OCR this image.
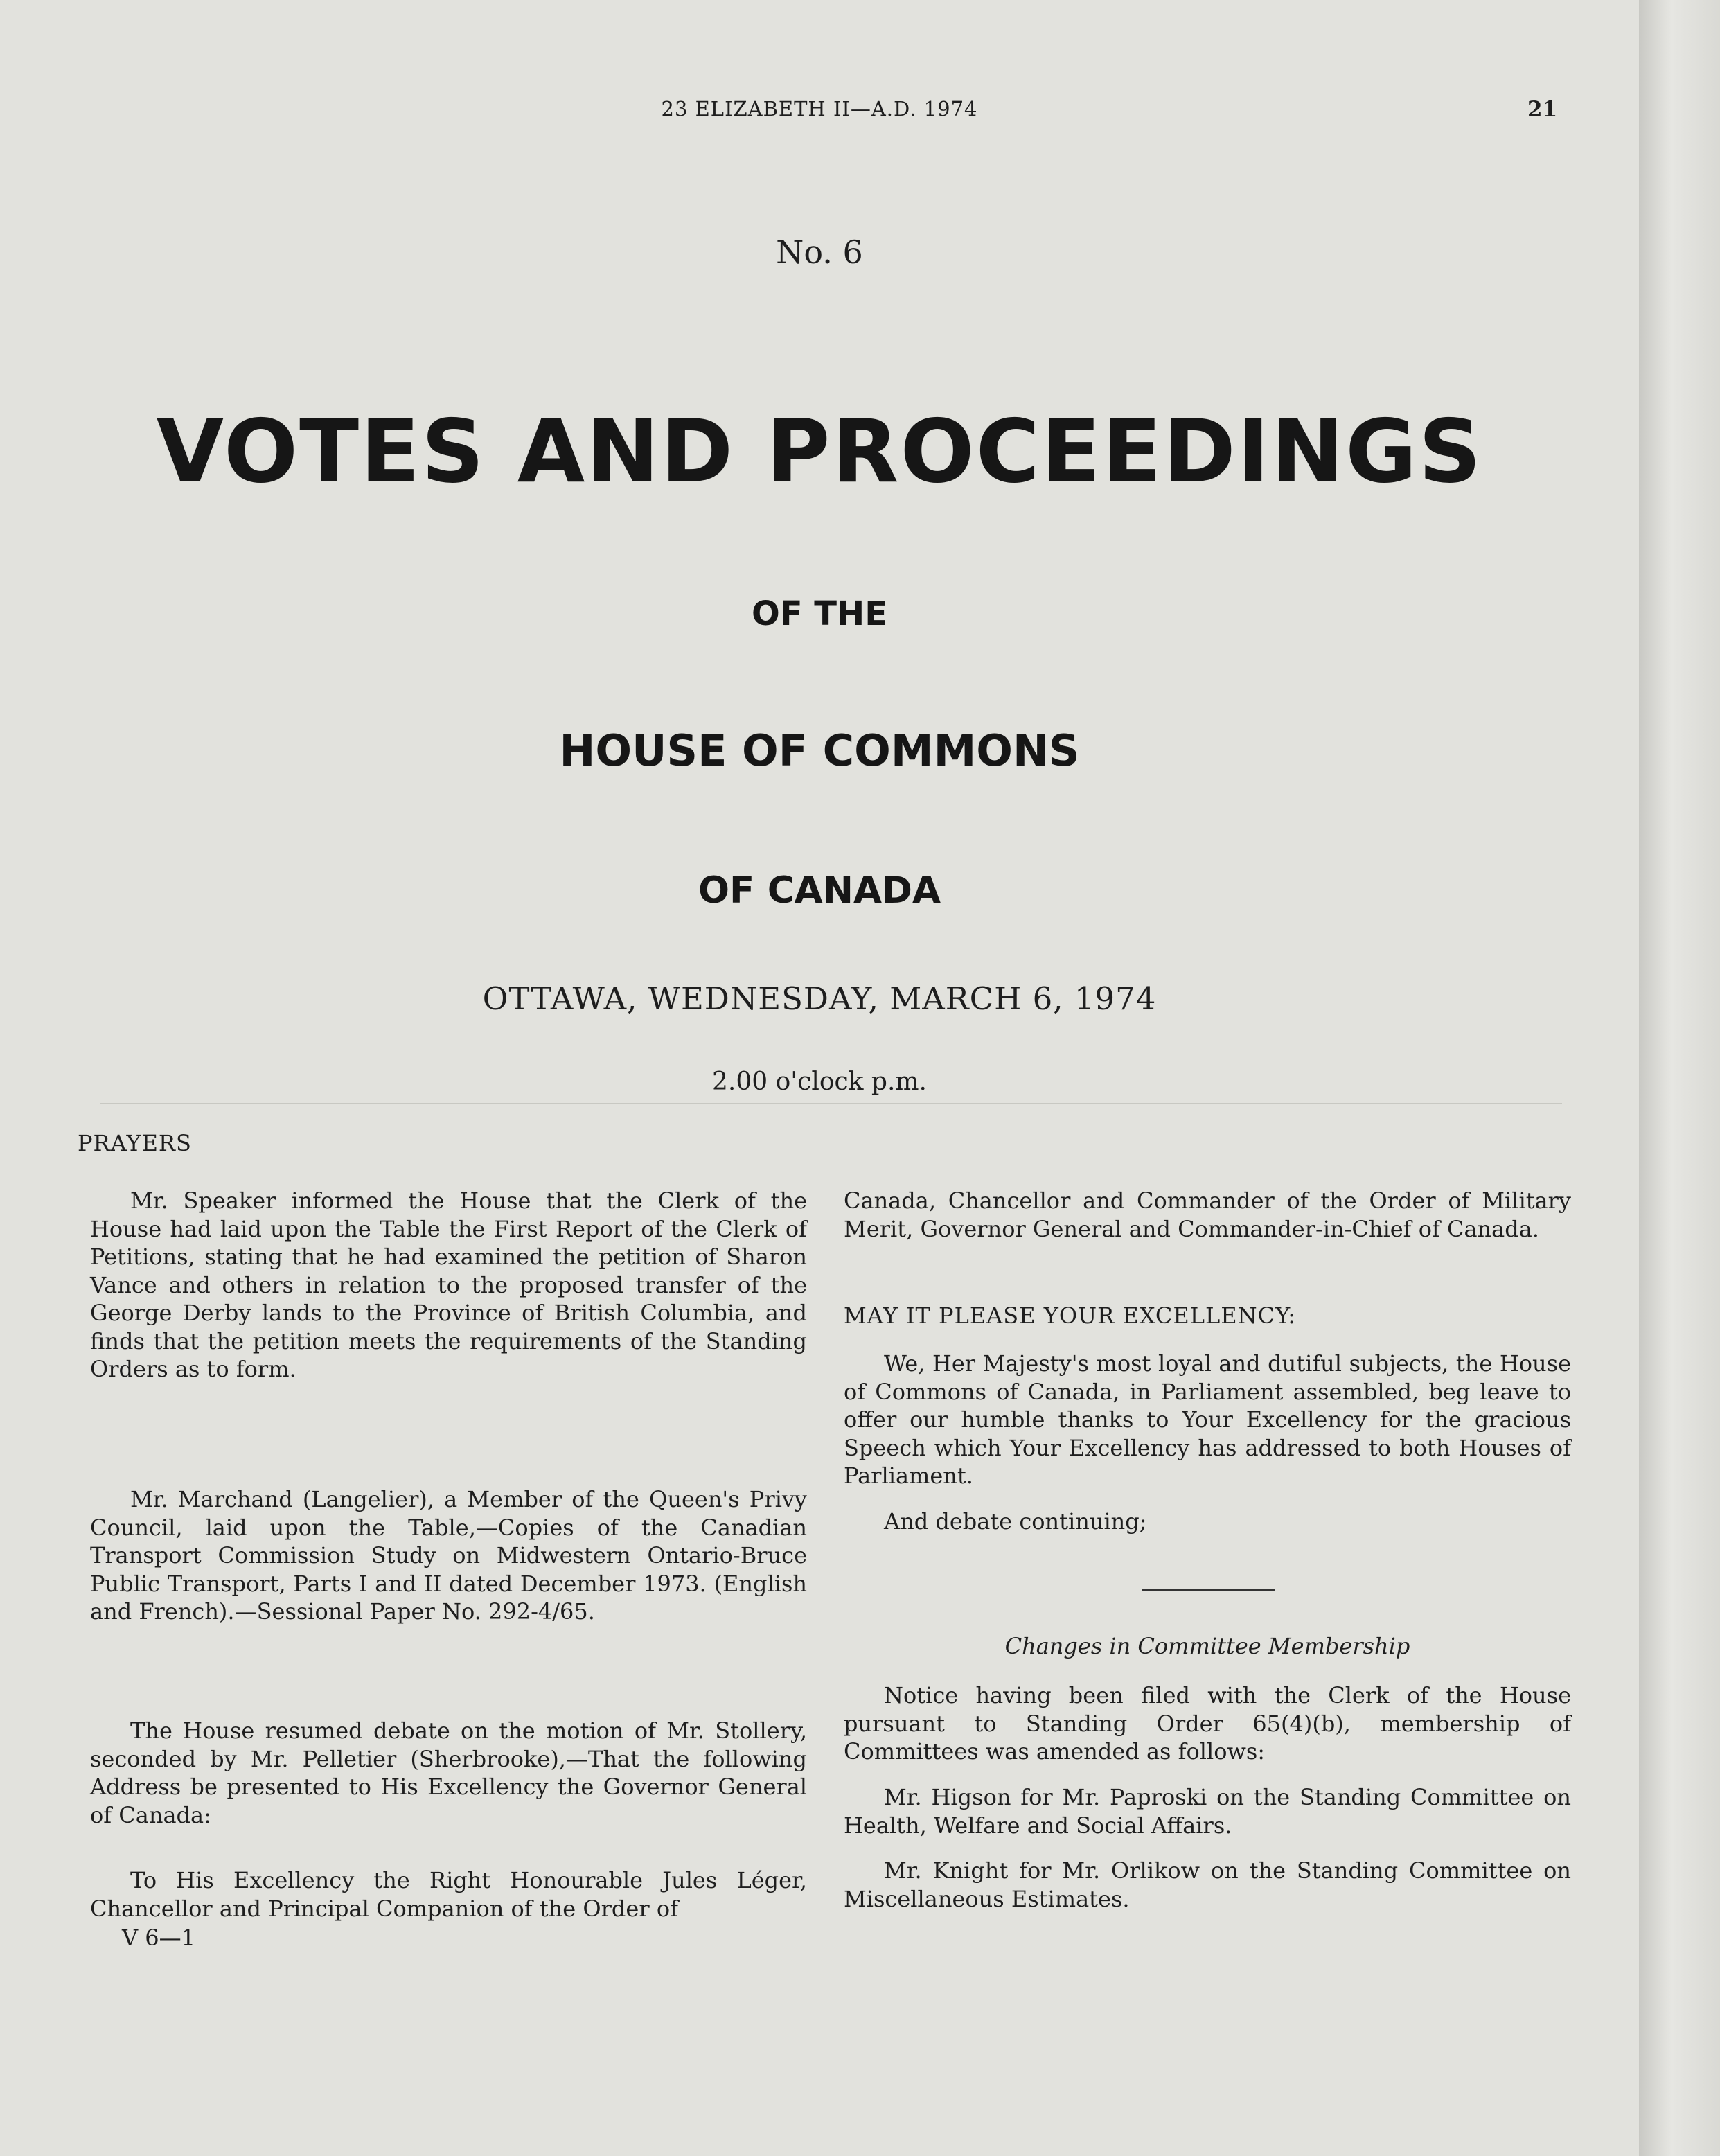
23 ELIZABETH II—A.D. 1974	21
No. 6
VOTES AND PROCEEDINGS
OF THE
HOUSE OF COMMONS
OF CANADA
OTTAWA, WEDNESDAY, MARCH 6, 1974
2.00 o'clock p.m.
PRAYERS

Mr. Speaker informed the House that the Clerk of the House had laid upon the Table the First Report of the Clerk of Petitions, stating that he had examined the petition of Sharon Vance and others in relation to the proposed transfer of the George Derby lands to the Province of British Columbia, and finds that the petition meets the requirements of the Standing Orders as to form.

Mr. Marchand (Langelier), a Member of the Queen's Privy Council, laid upon the Table,—Copies of the Canadian Transport Commission Study on Midwestern Ontario-Bruce Public Transport, Parts I and II dated December 1973. (English and French).—Sessional Paper No. 292-4/65.

The House resumed debate on the motion of Mr. Stollery, seconded by Mr. Pelletier (Sherbrooke),—That the following Address be presented to His Excellency the Governor General of Canada:

To His Excellency the Right Honourable Jules Léger, Chancellor and Principal Companion of the Order of

Canada, Chancellor and Commander of the Order of Military Merit, Governor General and Commander-in-Chief of Canada.

MAY IT PLEASE YOUR EXCELLENCY:

We, Her Majesty's most loyal and dutiful subjects, the House of Commons of Canada, in Parliament assembled, beg leave to offer our humble thanks to Your Excellency for the gracious Speech which Your Excellency has addressed to both Houses of Parliament.

And debate continuing;

Changes in Committee Membership

Notice having been filed with the Clerk of the House pursuant to Standing Order 65(4)(b), membership of Committees was amended as follows:

Mr. Higson for Mr. Paproski on the Standing Committee on Health, Welfare and Social Affairs.

Mr. Knight for Mr. Orlikow on the Standing Committee on Miscellaneous Estimates.

V 6—1
